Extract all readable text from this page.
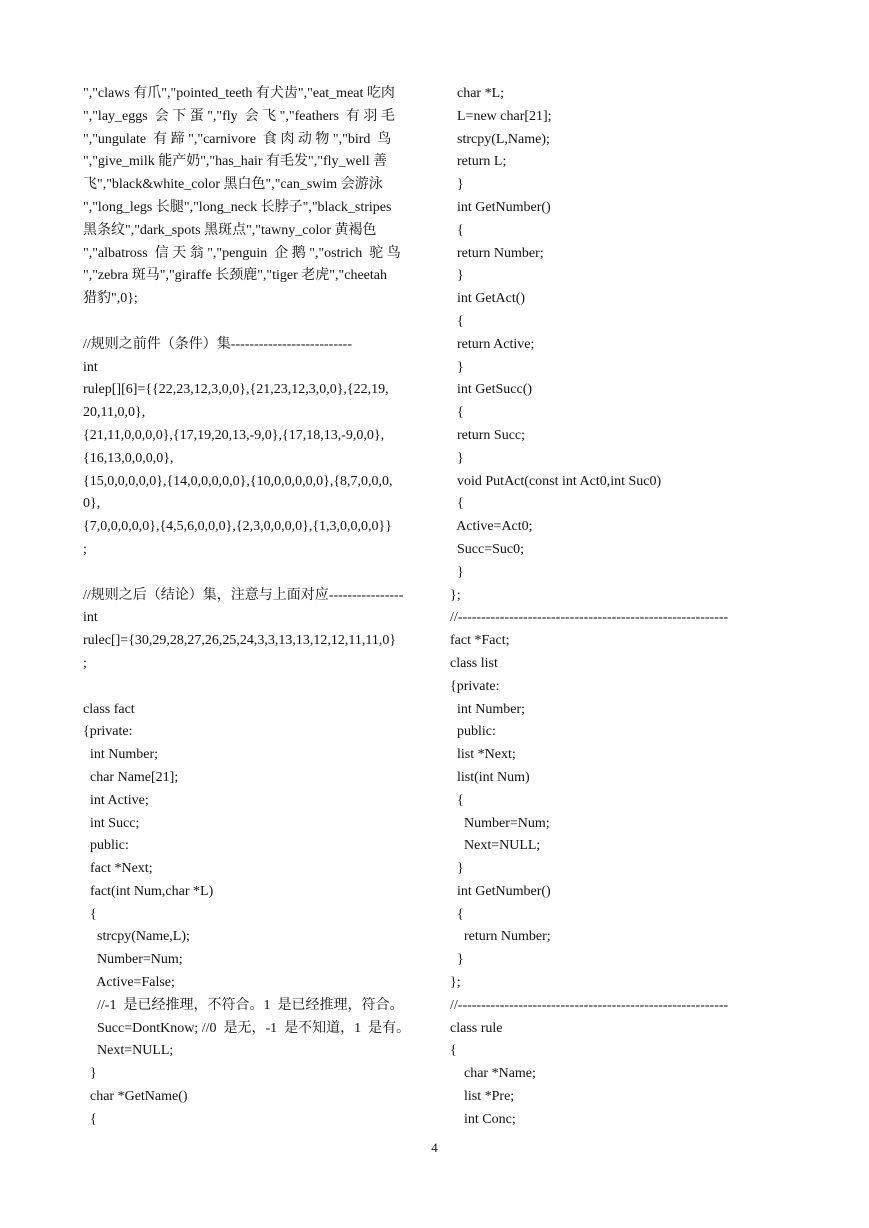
","claws 有爪","pointed_teeth 有犬齿","eat_meat 吃肉
","lay_eggs  会 下 蛋 ","fly  会 飞 ","feathers  有 羽 毛
","ungulate  有 蹄 ","carnivore  食 肉 动 物 ","bird  鸟
","give_milk 能产奶","has_hair 有毛发","fly_well 善
飞","black&white_color 黑白色","can_swim 会游泳
","long_legs 长腿","long_neck 长脖子","black_stripes
黑条纹","dark_spots 黑斑点","tawny_color 黄褐色
","albatross  信 天 翁 ","penguin  企 鹅 ","ostrich  驼 鸟
","zebra 斑马","giraffe 长颈鹿","tiger 老虎","cheetah
猎豹",0};
//规则之前件（条件）集--------------------------
int
rulep[][6]={{22,23,12,3,0,0},{21,23,12,3,0,0},{22,19,
20,11,0,0},
{21,11,0,0,0,0},{17,19,20,13,-9,0},{17,18,13,-9,0,0},
{16,13,0,0,0,0},
{15,0,0,0,0,0},{14,0,0,0,0,0},{10,0,0,0,0,0},{8,7,0,0,0,
0},
{7,0,0,0,0,0},{4,5,6,0,0,0},{2,3,0,0,0,0},{1,3,0,0,0,0}}
;
//规则之后（结论）集，注意与上面对应----------------
int
rulec[]={30,29,28,27,26,25,24,3,3,13,13,12,12,11,11,0}
;
class fact
{private:
int Number;
char Name[21];
int Active;
int Succ;
public:
fact *Next;
fact(int Num,char *L)
{
strcpy(Name,L);
Number=Num;
Active=False;
//-1  是已经推理，不符合。1  是已经推理，符合。
Succ=DontKnow; //0  是无，-1  是不知道，1  是有。
Next=NULL;
}
char *GetName()
{
char *L;
L=new char[21];
strcpy(L,Name);
return L;
}
int GetNumber()
{
return Number;
}
int GetAct()
{
return Active;
}
int GetSucc()
{
return Succ;
}
void PutAct(const int Act0,int Suc0)
{
Active=Act0;
Succ=Suc0;
}
};
//----------------------------------------------------------
fact *Fact;
class list
{private:
int Number;
public:
list *Next;
list(int Num)
{
Number=Num;
Next=NULL;
}
int GetNumber()
{
return Number;
}
};
//----------------------------------------------------------
class rule
{
char *Name;
list *Pre;
int Conc;
4
